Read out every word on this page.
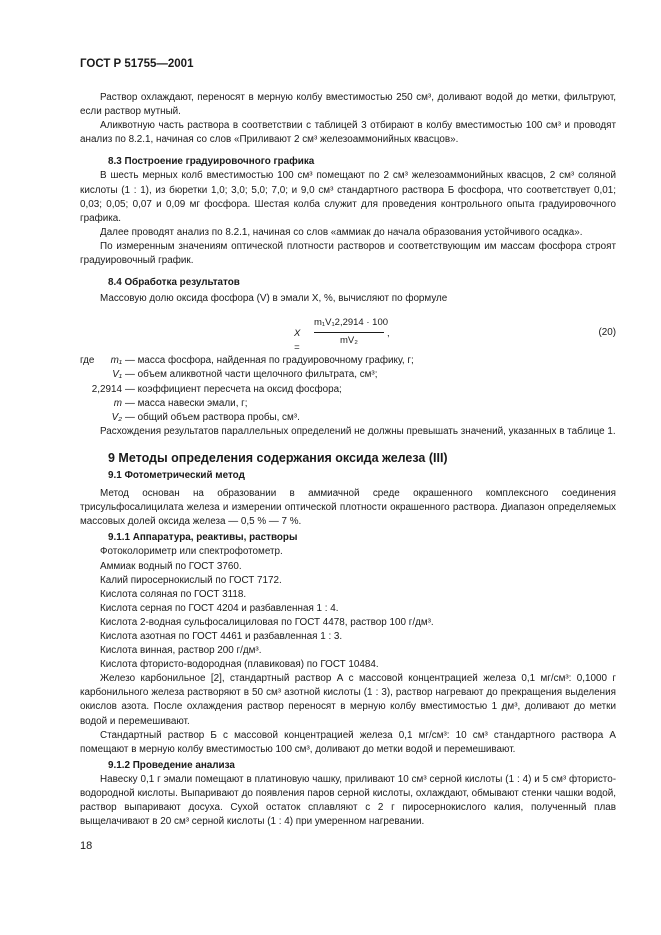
ГОСТ Р 51755—2001

Раствор охлаждают, переносят в мерную колбу вместимостью 250 см³, доливают водой до метки, фильтруют, если раствор мутный.

Аликвотную часть раствора в соответствии с таблицей 3 отбирают в колбу вместимостью 100 см³ и проводят анализ по 8.2.1, начиная со слов «Приливают 2 см³ железоаммонийных квасцов».

8.3 Построение градуировочного графика

В шесть мерных колб вместимостью 100 см³ помещают по 2 см³ железоаммонийных квасцов, 2 см³ соляной кислоты (1 : 1), из бюретки 1,0; 3,0; 5,0; 7,0; и 9,0 см³ стандартного раствора Б фосфора, что соответствует 0,01; 0,03; 0,05; 0,07 и 0,09 мг фосфора. Шестая колба служит для проведения контрольного опыта градуировочного графика.

Далее проводят анализ по 8.2.1, начиная со слов «аммиак до начала образования устойчивого осадка».

По измеренным значениям оптической плотности растворов и соответствующим им массам фосфора строят градуировочный график.

8.4 Обработка результатов

Массовую долю оксида фосфора (V) в эмали X, %, вычисляют по формуле

$X = \frac{\text{m₁V₁2,2914 · 100}}{\text{mV₂}}$ ,	(20)
где	m₁ — масса фосфора, найденная по градуировочному графику, г;
V₁ — объем аликвотной части щелочного фильтрата, см³;
2,2914 — коэффициент пересчета на оксид фосфора;
m — масса навески эмали, г;
V₂ — общий объем раствора пробы, см³.

Расхождения результатов параллельных определений не должны превышать значений, указанных в таблице 1.

9 Методы определения содержания оксида железа (III)
9.1 Фотометрический метод

Метод основан на образовании в аммиачной среде окрашенного комплексного соединения трисульфосалицилата железа и измерении оптической плотности окрашенного раствора. Диапазон определяемых массовых долей оксида железа — 0,5 % — 7 %.

9.1.1 Аппаратура, реактивы, растворы
Фотоколориметр или спектрофотометр.
Аммиак водный по ГОСТ 3760.
Калий пиросернокислый по ГОСТ 7172.
Кислота соляная по ГОСТ 3118.
Кислота серная по ГОСТ 4204 и разбавленная 1 : 4.
Кислота 2-водная сульфосалициловая по ГОСТ 4478, раствор 100 г/дм³.
Кислота азотная по ГОСТ 4461 и разбавленная 1 : 3.
Кислота винная, раствор 200 г/дм³.
Кислота фтористо-водородная (плавиковая) по ГОСТ 10484.

Железо карбонильное [2], стандартный раствор А с массовой концентрацией железа 0,1 мг/см³: 0,1000 г карбонильного железа растворяют в 50 см³ азотной кислоты (1 : 3), раствор нагревают до прекращения выделения окислов азота. После охлаждения раствор переносят в мерную колбу вместимостью 1 дм³, доливают до метки водой и перемешивают.

Стандартный раствор Б с массовой концентрацией железа 0,1 мг/см³: 10 см³ стандартного раствора А помещают в мерную колбу вместимостью 100 см³, доливают до метки водой и перемешивают.

9.1.2 Проведение анализа

Навеску 0,1 г эмали помещают в платиновую чашку, приливают 10 см³ серной кислоты (1 : 4) и 5 см³ фтористо-водородной кислоты. Выпаривают до появления паров серной кислоты, охлаждают, обмывают стенки чашки водой, раствор выпаривают досуха. Сухой остаток сплавляют с 2 г пиросернокислого калия, полученный плав выщелачивают в 20 см³ серной кислоты (1 : 4) при умеренном нагревании.

18
